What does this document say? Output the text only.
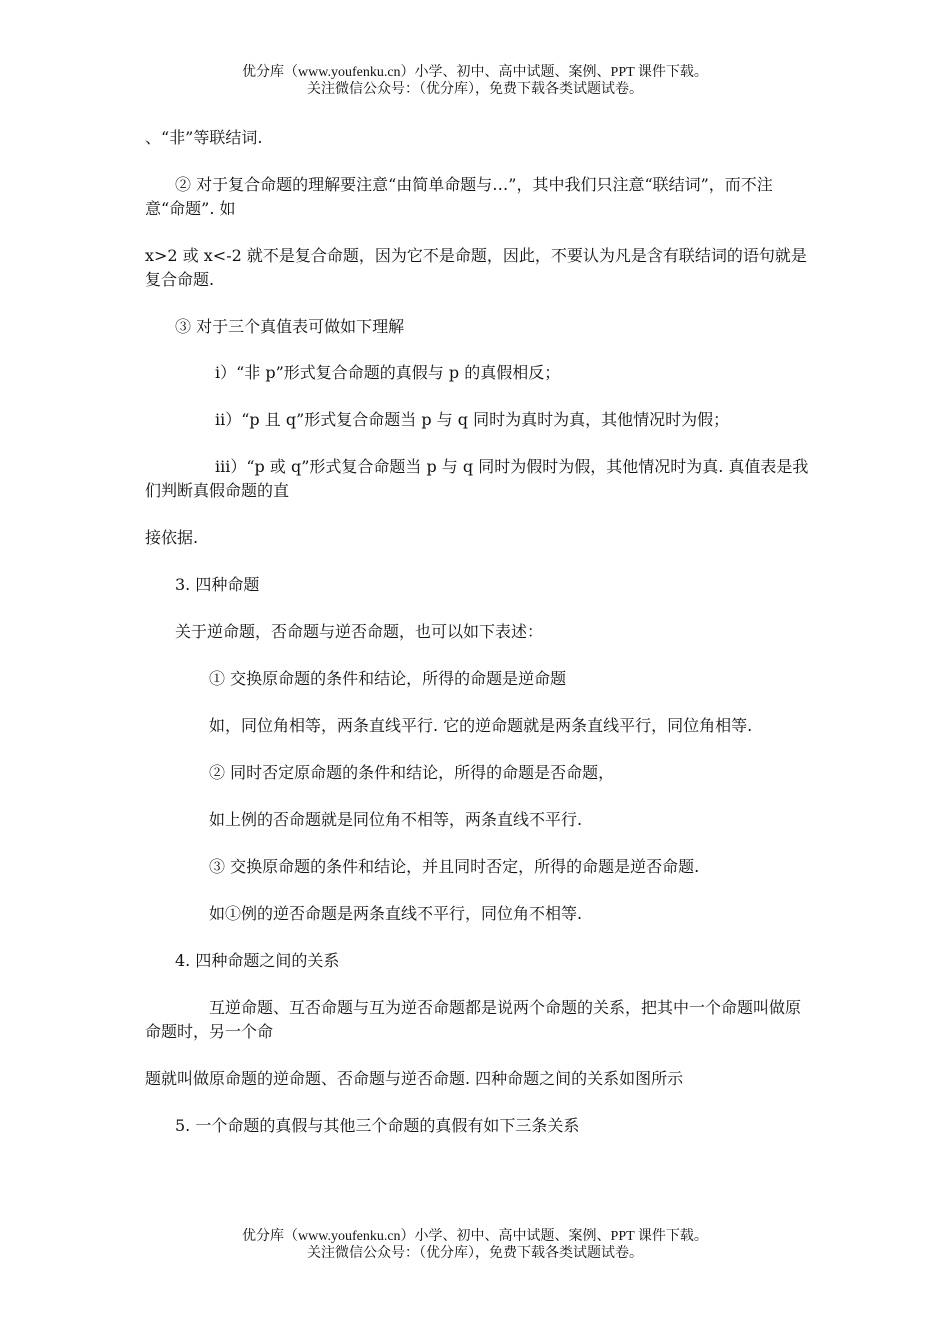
优分库（www.youfenku.cn）小学、初中、高中试题、案例、PPT 课件下载。
关注微信公众号：（优分库），免费下载各类试题试卷。

、“非”等联结词.

② 对于复合命题的理解要注意“由简单命题与…”，其中我们只注意“联结词”，而不注意“命题”. 如

x>2 或 x<-2 就不是复合命题，因为它不是命题，因此，不要认为凡是含有联结词的语句就是复合命题.

③ 对于三个真值表可做如下理解

ⅰ）“非 p”形式复合命题的真假与 p 的真假相反；

ⅱ）“p 且 q”形式复合命题当 p 与 q 同时为真时为真，其他情况时为假；

ⅲ）“p 或 q”形式复合命题当 p 与 q 同时为假时为假，其他情况时为真. 真值表是我们判断真假命题的直

接依据.

3. 四种命题

关于逆命题，否命题与逆否命题，也可以如下表述：

① 交换原命题的条件和结论，所得的命题是逆命题

如，同位角相等，两条直线平行. 它的逆命题就是两条直线平行，同位角相等.

② 同时否定原命题的条件和结论，所得的命题是否命题，

如上例的否命题就是同位角不相等，两条直线不平行.

③ 交换原命题的条件和结论，并且同时否定，所得的命题是逆否命题.

如①例的逆否命题是两条直线不平行，同位角不相等.

4. 四种命题之间的关系

互逆命题、互否命题与互为逆否命题都是说两个命题的关系，把其中一个命题叫做原命题时，另一个命

题就叫做原命题的逆命题、否命题与逆否命题. 四种命题之间的关系如图所示

5. 一个命题的真假与其他三个命题的真假有如下三条关系

优分库（www.youfenku.cn）小学、初中、高中试题、案例、PPT 课件下载。
关注微信公众号：（优分库），免费下载各类试题试卷。
